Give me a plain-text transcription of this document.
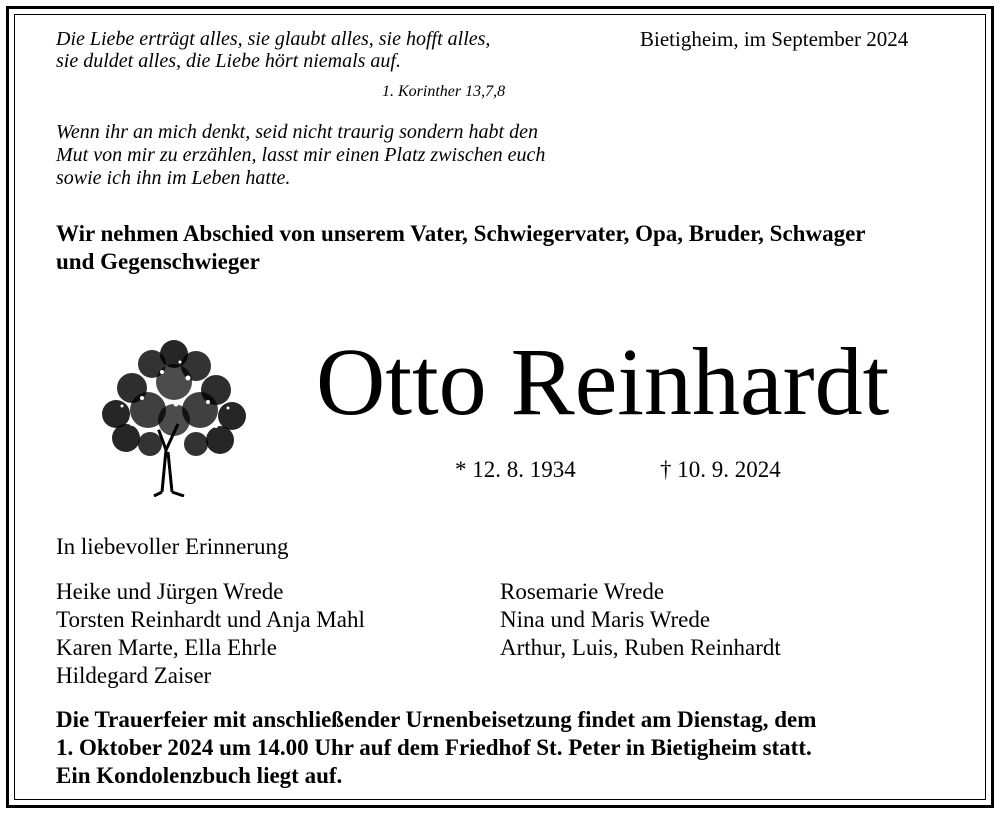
Die Liebe erträgt alles, sie glaubt alles, sie hofft alles,
sie duldet alles, die Liebe hört niemals auf.
Bietigheim, im September 2024
1. Korinther 13,7,8
Wenn ihr an mich denkt, seid nicht traurig sondern habt den
Mut von mir zu erzählen, lasst mir einen Platz zwischen euch
sowie ich ihn im Leben hatte.
Wir nehmen Abschied von unserem Vater, Schwiegervater, Opa, Bruder, Schwager
und Gegenschwieger
Otto Reinhardt
* 12. 8. 1934	† 10. 9. 2024
In liebevoller Erinnerung
Heike und Jürgen Wrede
Torsten Reinhardt und Anja Mahl
Karen Marte, Ella Ehrle
Hildegard Zaiser
Rosemarie Wrede
Nina und Maris Wrede
Arthur, Luis, Ruben Reinhardt
Die Trauerfeier mit anschließender Urnenbeisetzung findet am Dienstag, dem
1. Oktober 2024 um 14.00 Uhr auf dem Friedhof St. Peter in Bietigheim statt.
Ein Kondolenzbuch liegt auf.
